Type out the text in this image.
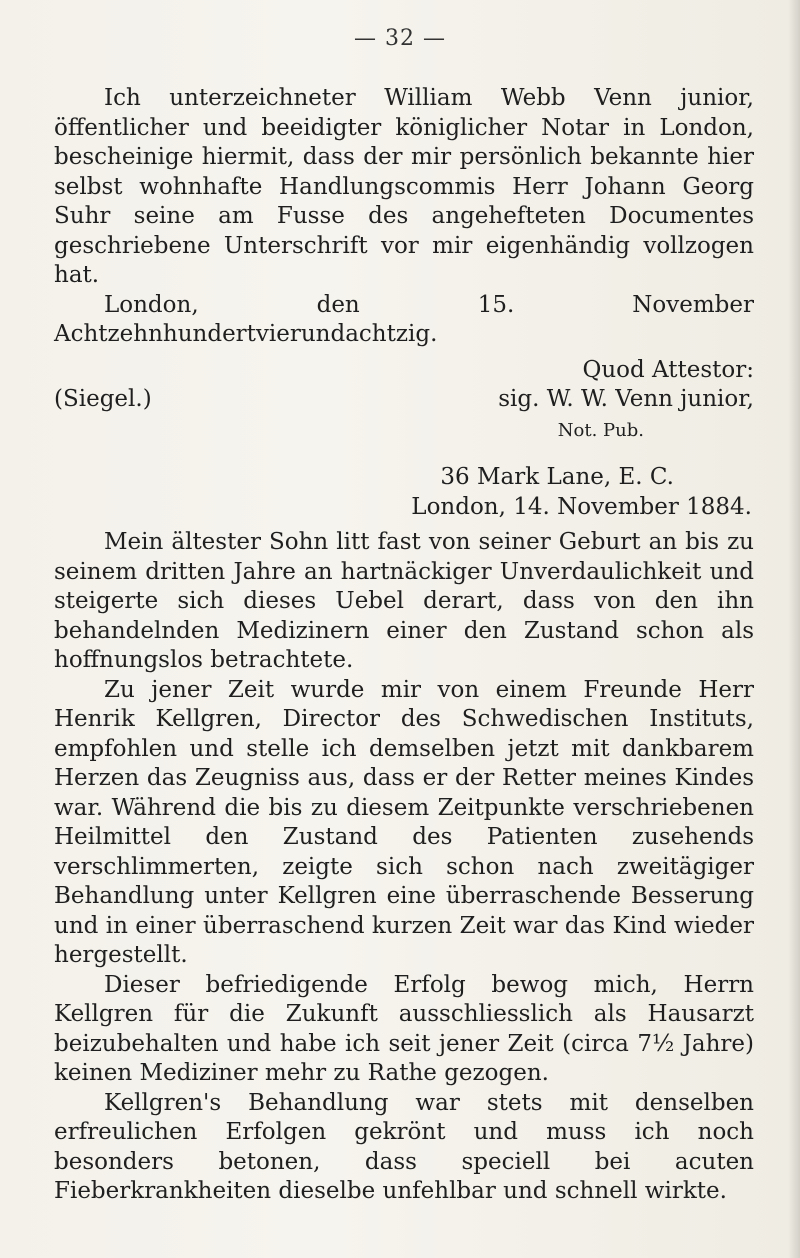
— 32 —

Ich unterzeichneter William Webb Venn junior, öffentlicher und beeidigter königlicher Notar in London, bescheinige hiermit, dass der mir persönlich bekannte hier selbst wohnhafte Handlungscommis Herr Johann Georg Suhr seine am Fusse des angehefteten Documentes geschriebene Unterschrift vor mir eigenhändig vollzogen hat.

London, den 15. November Achtzehnhundertvierundachtzig.

Quod Attestor:
(Siegel.)	sig. W. W. Venn junior,
Not. Pub.
36 Mark Lane, E. C.
London, 14. November 1884.

Mein ältester Sohn litt fast von seiner Geburt an bis zu seinem dritten Jahre an hartnäckiger Unverdaulichkeit und steigerte sich dieses Uebel derart, dass von den ihn behandelnden Medizinern einer den Zustand schon als hoffnungslos betrachtete.

Zu jener Zeit wurde mir von einem Freunde Herr Henrik Kellgren, Director des Schwedischen Instituts, empfohlen und stelle ich demselben jetzt mit dankbarem Herzen das Zeugniss aus, dass er der Retter meines Kindes war. Während die bis zu diesem Zeitpunkte verschriebenen Heilmittel den Zustand des Patienten zusehends verschlimmerten, zeigte sich schon nach zweitägiger Behandlung unter Kellgren eine überraschende Besserung und in einer überraschend kurzen Zeit war das Kind wieder hergestellt.

Dieser befriedigende Erfolg bewog mich, Herrn Kellgren für die Zukunft ausschliesslich als Hausarzt beizubehalten und habe ich seit jener Zeit (circa 7½ Jahre) keinen Mediziner mehr zu Rathe gezogen.

Kellgren's Behandlung war stets mit denselben erfreulichen Erfolgen gekrönt und muss ich noch besonders betonen, dass speciell bei acuten Fieberkrankheiten dieselbe unfehlbar und schnell wirkte.
